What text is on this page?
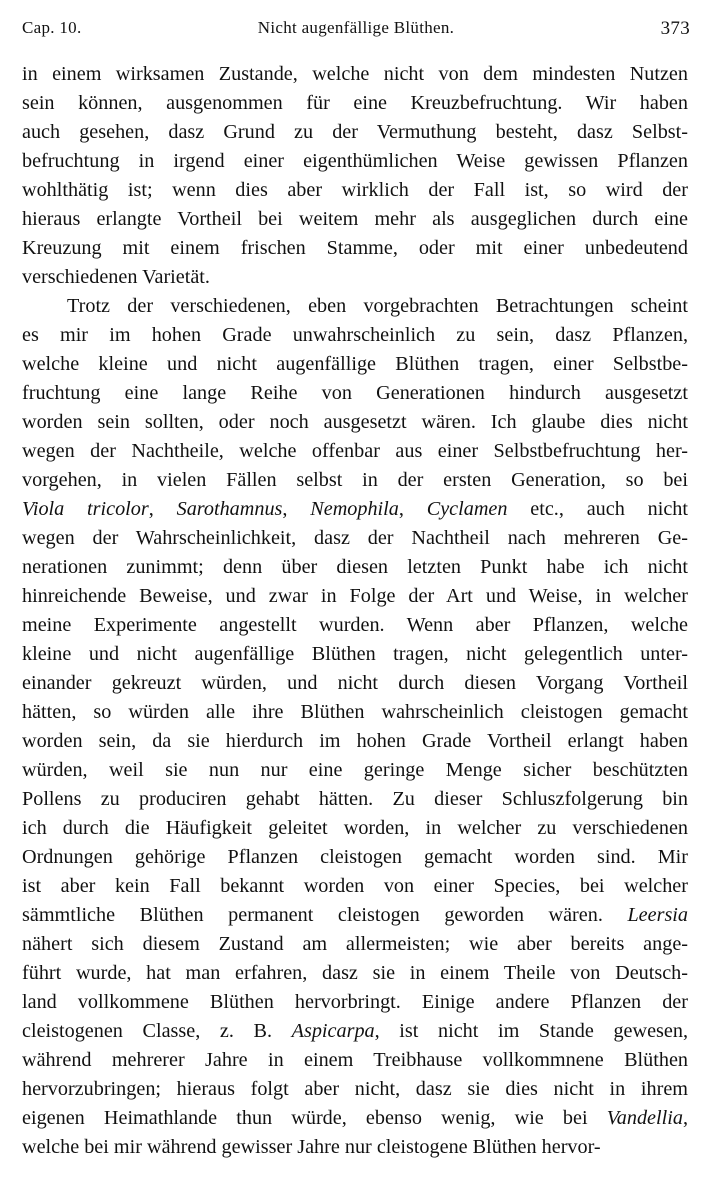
Cap. 10.	Nicht augenfällige Blüthen.	373
in einem wirksamen Zustande, welche nicht von dem mindesten Nutzen
sein können, ausgenommen für eine Kreuzbefruchtung. Wir haben
auch gesehen, dasz Grund zu der Vermuthung besteht, dasz Selbst-
befruchtung in irgend einer eigenthümlichen Weise gewissen Pflanzen
wohlthätig ist; wenn dies aber wirklich der Fall ist, so wird der
hieraus erlangte Vortheil bei weitem mehr als ausgeglichen durch eine
Kreuzung mit einem frischen Stamme, oder mit einer unbedeutend
verschiedenen Varietät.
Trotz der verschiedenen, eben vorgebrachten Betrachtungen scheint
es mir im hohen Grade unwahrscheinlich zu sein, dasz Pflanzen,
welche kleine und nicht augenfällige Blüthen tragen, einer Selbstbe-
fruchtung eine lange Reihe von Generationen hindurch ausgesetzt
worden sein sollten, oder noch ausgesetzt wären. Ich glaube dies nicht
wegen der Nachtheile, welche offenbar aus einer Selbstbefruchtung her-
vorgehen, in vielen Fällen selbst in der ersten Generation, so bei
Viola tricolor, Sarothamnus, Nemophila, Cyclamen etc., auch nicht
wegen der Wahrscheinlichkeit, dasz der Nachtheil nach mehreren Ge-
nerationen zunimmt; denn über diesen letzten Punkt habe ich nicht
hinreichende Beweise, und zwar in Folge der Art und Weise, in welcher
meine Experimente angestellt wurden. Wenn aber Pflanzen, welche
kleine und nicht augenfällige Blüthen tragen, nicht gelegentlich unter-
einander gekreuzt würden, und nicht durch diesen Vorgang Vortheil
hätten, so würden alle ihre Blüthen wahrscheinlich cleistogen gemacht
worden sein, da sie hierdurch im hohen Grade Vortheil erlangt haben
würden, weil sie nun nur eine geringe Menge sicher beschützten
Pollens zu produciren gehabt hätten. Zu dieser Schluszfolgerung bin
ich durch die Häufigkeit geleitet worden, in welcher zu verschiedenen
Ordnungen gehörige Pflanzen cleistogen gemacht worden sind. Mir
ist aber kein Fall bekannt worden von einer Species, bei welcher
sämmtliche Blüthen permanent cleistogen geworden wären. Leersia
nähert sich diesem Zustand am allermeisten; wie aber bereits ange-
führt wurde, hat man erfahren, dasz sie in einem Theile von Deutsch-
land vollkommene Blüthen hervorbringt. Einige andere Pflanzen der
cleistogenen Classe, z. B. Aspicarpa, ist nicht im Stande gewesen,
während mehrerer Jahre in einem Treibhause vollkommnene Blüthen
hervorzubringen; hieraus folgt aber nicht, dasz sie dies nicht in ihrem
eigenen Heimathlande thun würde, ebenso wenig, wie bei Vandellia,
welche bei mir während gewisser Jahre nur cleistogene Blüthen hervor-
